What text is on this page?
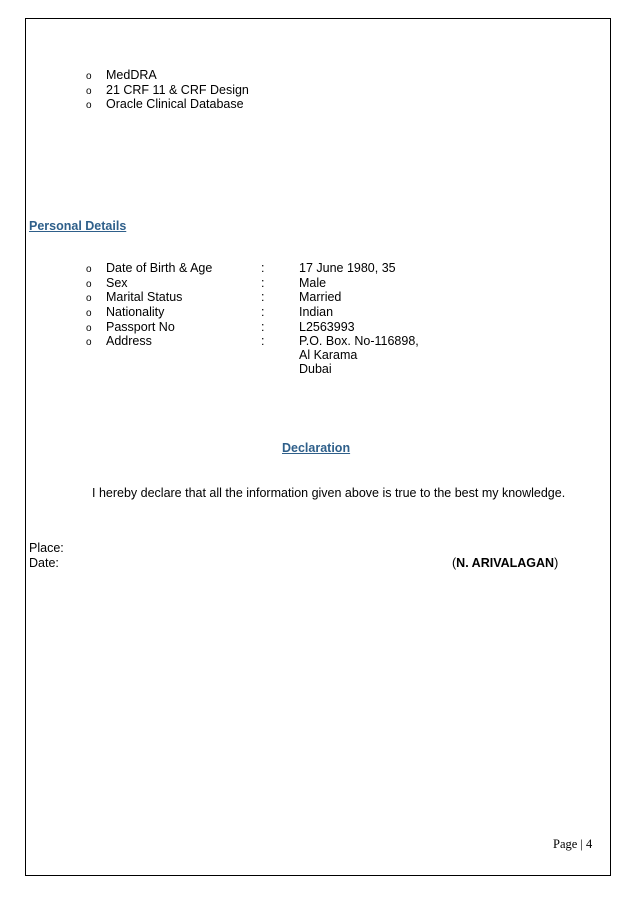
o MedDRA
o 21 CRF 11 & CRF Design
o Oracle Clinical Database
Personal Details
o Date of Birth & Age	:	17 June 1980, 35
o Sex	:	Male
o Marital Status	:	Married
o Nationality	:	Indian
o Passport No	:	L2563993
o Address	:	P.O. Box. No-116898,
Al Karama
Dubai
Declaration
I hereby declare that all the information given above is true to the best my knowledge.
Place:
Date:	(N. ARIVALAGAN)
Page | 4
